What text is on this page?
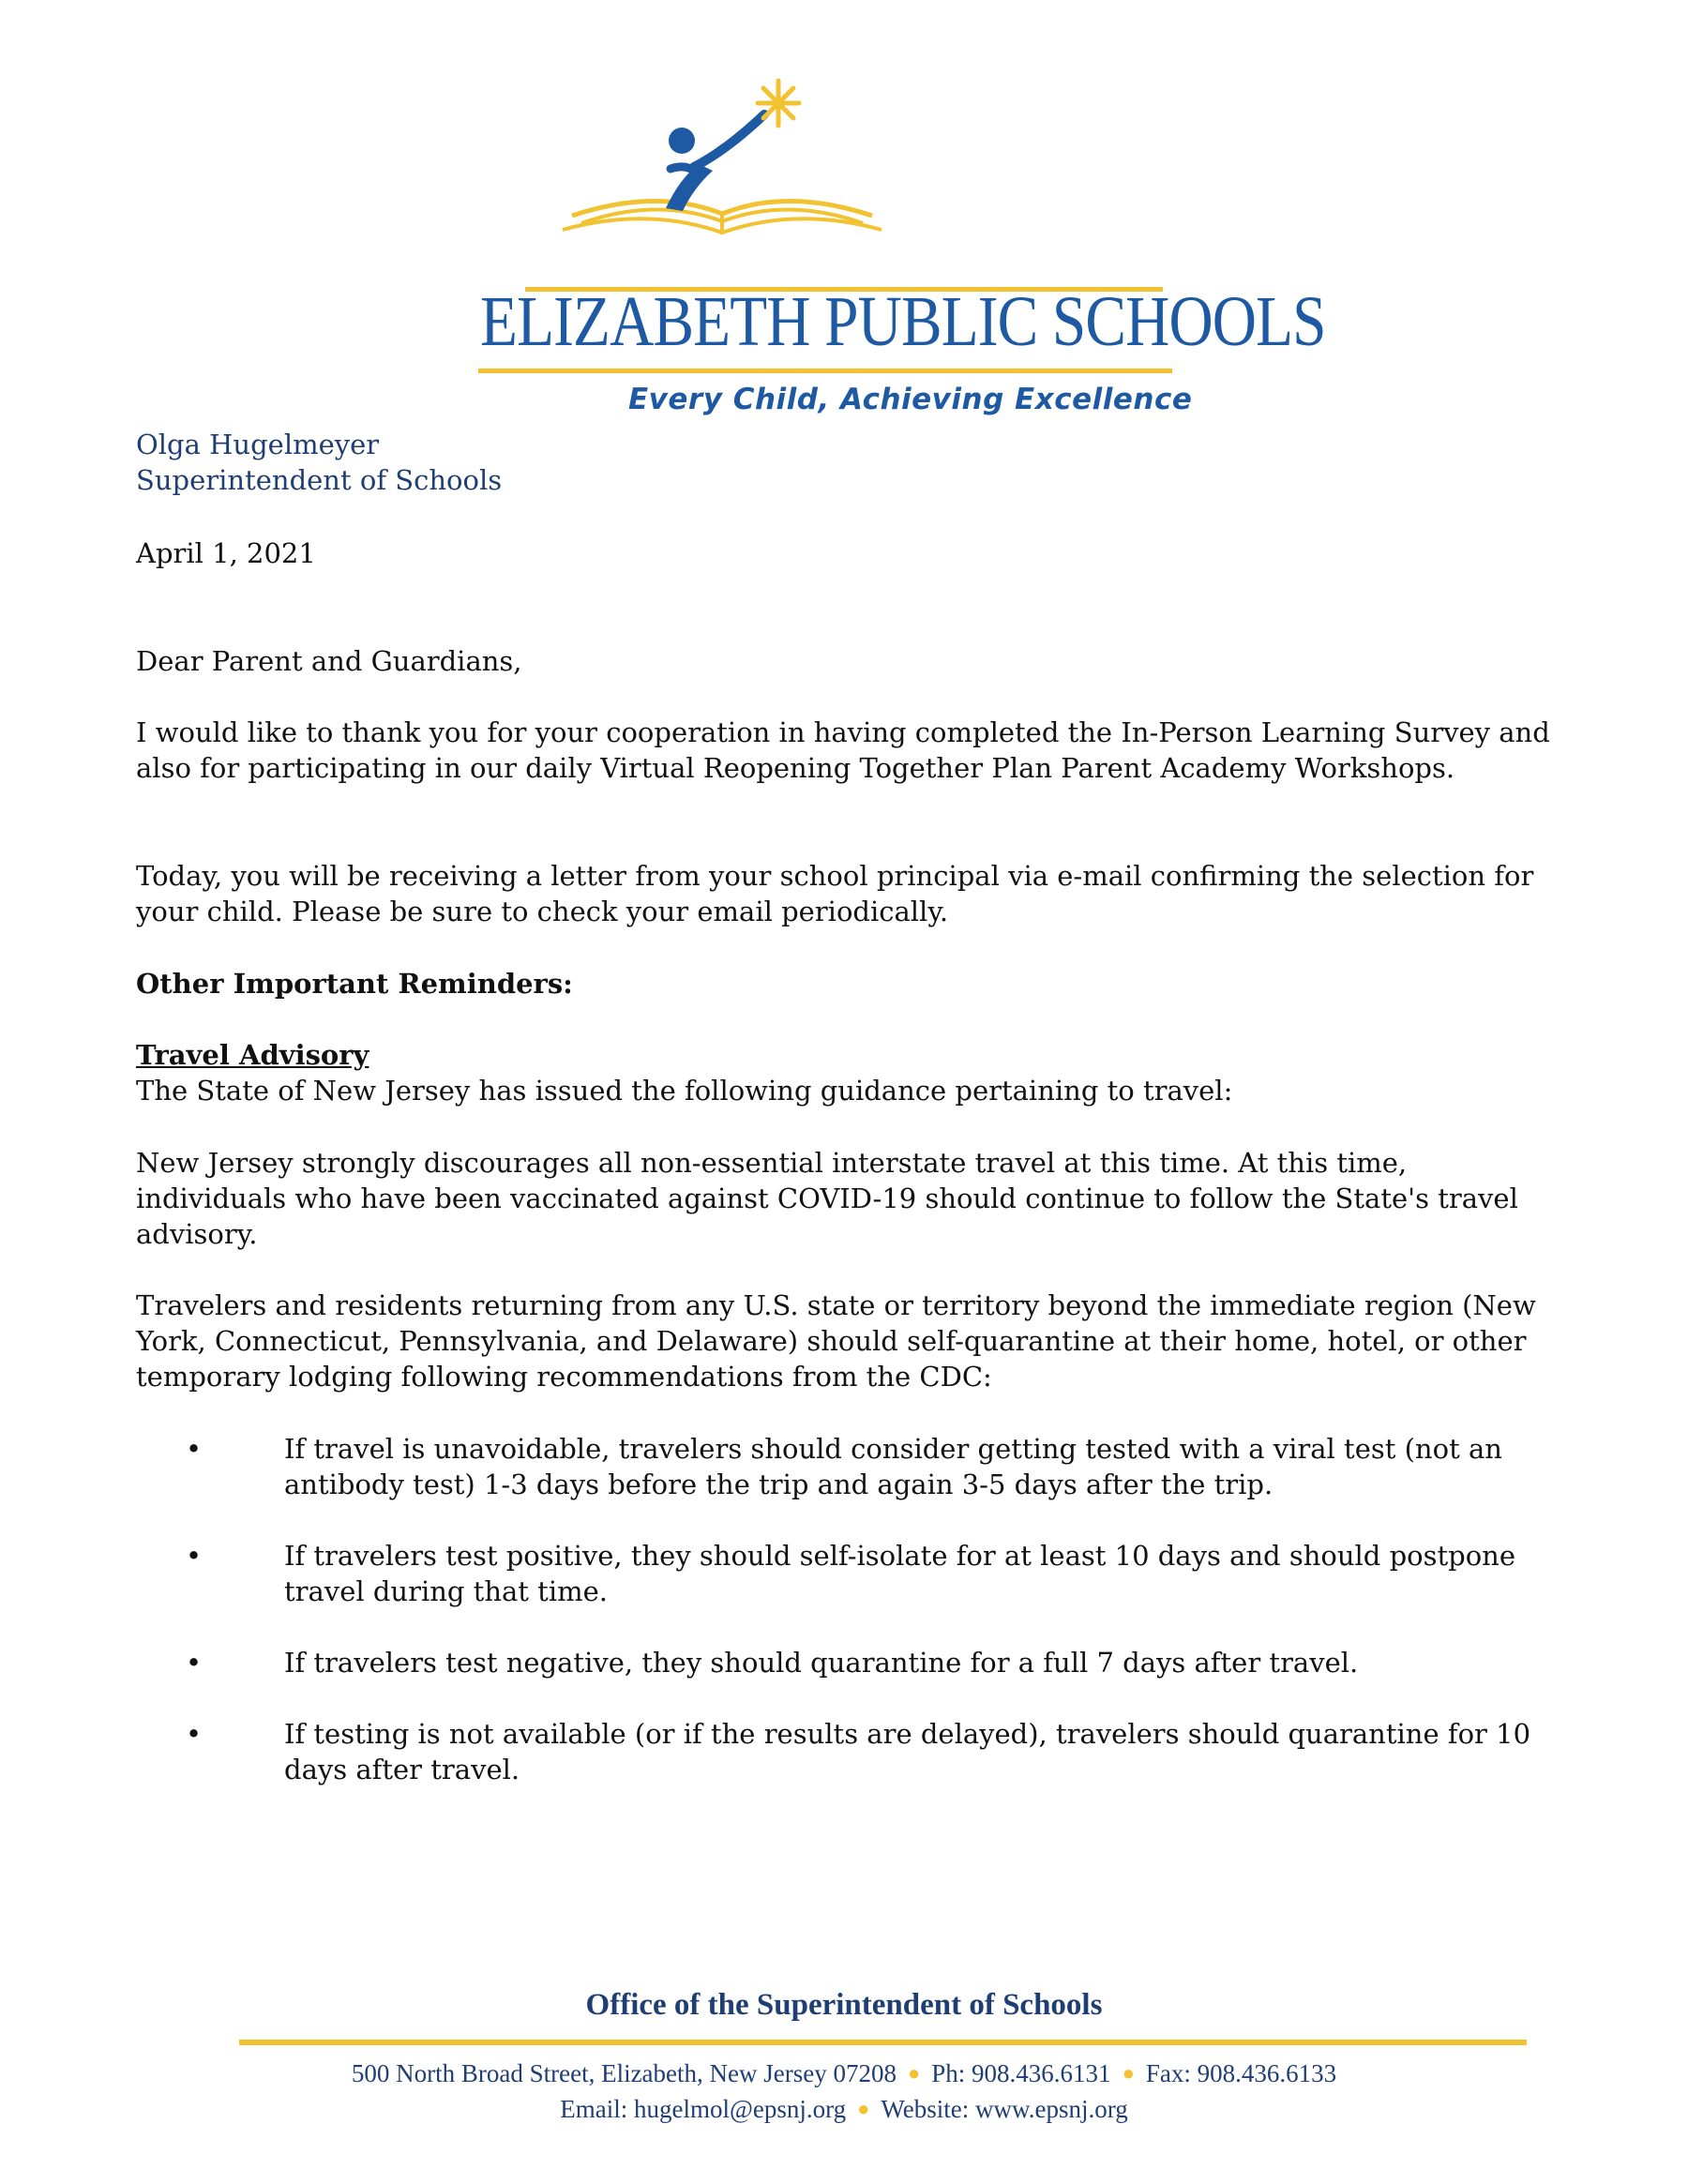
ELIZABETH PUBLIC SCHOOLS
Every Child, Achieving Excellence

Olga Hugelmeyer

Superintendent of Schools

April 1, 2021
Dear Parent and Guardians,
I would like to thank you for your cooperation in having completed the In-Person Learning Survey and also for participating in our daily Virtual Reopening Together Plan Parent Academy Workshops.
Today, you will be receiving a letter from your school principal via e-mail confirming the selection for your child. Please be sure to check your email periodically.
Other Important Reminders:

Travel Advisory

The State of New Jersey has issued the following guidance pertaining to travel:

New Jersey strongly discourages all non-essential interstate travel at this time. At this time, individuals who have been vaccinated against COVID-19 should continue to follow the State's travel advisory.
Travelers and residents returning from any U.S. state or territory beyond the immediate region (New York, Connecticut, Pennsylvania, and Delaware) should self-quarantine at their home, hotel, or other temporary lodging following recommendations from the CDC:
•	If travel is unavoidable, travelers should consider getting tested with a viral test (not an antibody test) 1-3 days before the trip and again 3-5 days after the trip.
•	If travelers test positive, they should self-isolate for at least 10 days and should postpone travel during that time.
•	If travelers test negative, they should quarantine for a full 7 days after travel.
•	If testing is not available (or if the results are delayed), travelers should quarantine for 10 days after travel.
Office of the Superintendent of Schools
500 North Broad Street, Elizabeth, New Jersey 07208 ● Ph: 908.436.6131 ● Fax: 908.436.6133
Email: hugelmol@epsnj.org ● Website: www.epsnj.org
